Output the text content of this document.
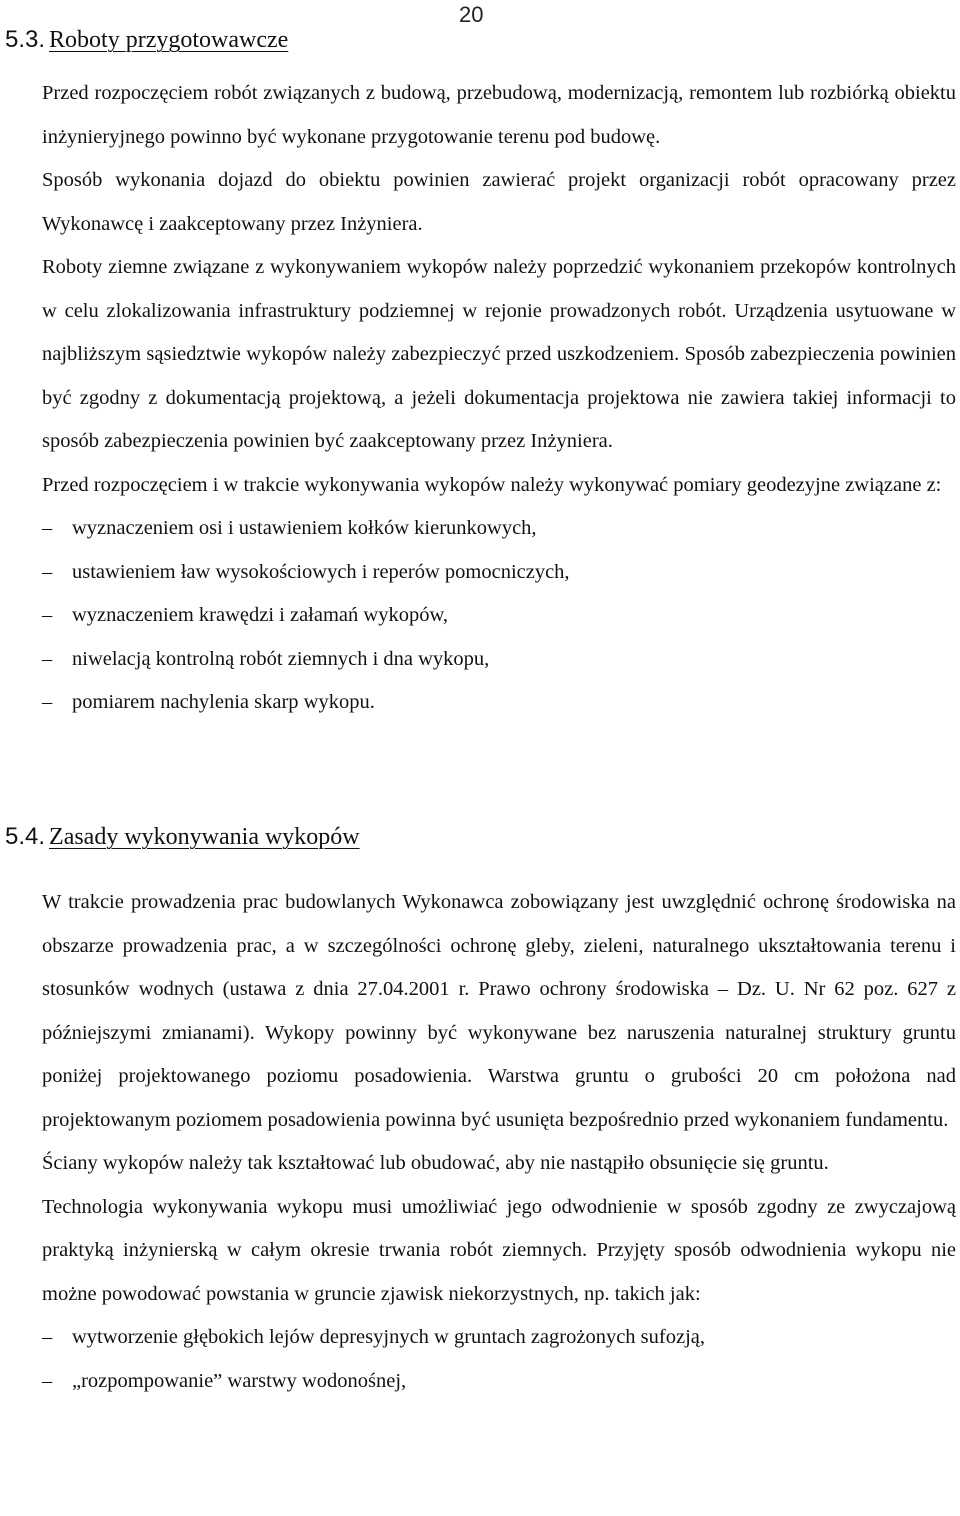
20
5.3. Roboty przygotowawcze

Przed rozpoczęciem robót związanych z budową, przebudową, modernizacją, remontem lub rozbiórką obiektu inżynieryjnego powinno być wykonane przygotowanie terenu pod budowę.

Sposób wykonania dojazd do obiektu powinien zawierać projekt organizacji robót opracowany przez Wykonawcę i zaakceptowany przez Inżyniera.

Roboty ziemne związane z wykonywaniem wykopów należy poprzedzić wykonaniem przekopów kontrolnych w celu zlokalizowania infrastruktury podziemnej w rejonie prowadzonych robót. Urządzenia usytuowane w najbliższym sąsiedztwie wykopów należy zabezpieczyć przed uszkodzeniem. Sposób zabezpieczenia powinien być zgodny z dokumentacją projektową, a jeżeli dokumentacja projektowa nie zawiera takiej informacji to sposób zabezpieczenia powinien być zaakceptowany przez Inżyniera.

Przed rozpoczęciem i w trakcie wykonywania wykopów należy wykonywać pomiary geodezyjne związane z:

– wyznaczeniem osi i ustawieniem kołków kierunkowych,
– ustawieniem ław wysokościowych i reperów pomocniczych,
– wyznaczeniem krawędzi i załamań wykopów,
– niwelacją kontrolną robót ziemnych i dna wykopu,
– pomiarem nachylenia skarp wykopu.
5.4. Zasady wykonywania wykopów

W trakcie prowadzenia prac budowlanych Wykonawca zobowiązany jest uwzględnić ochronę środowiska na obszarze prowadzenia prac, a w szczególności ochronę gleby, zieleni, naturalnego ukształtowania terenu i stosunków wodnych (ustawa z dnia 27.04.2001 r. Prawo ochrony środowiska – Dz. U. Nr 62 poz. 627 z późniejszymi zmianami). Wykopy powinny być wykonywane bez naruszenia naturalnej struktury gruntu poniżej projektowanego poziomu posadowienia. Warstwa gruntu o grubości 20 cm położona nad projektowanym poziomem posadowienia powinna być usunięta bezpośrednio przed wykonaniem fundamentu.

Ściany wykopów należy tak kształtować lub obudować, aby nie nastąpiło obsunięcie się gruntu.

Technologia wykonywania wykopu musi umożliwiać jego odwodnienie w sposób zgodny ze zwyczajową praktyką inżynierską w całym okresie trwania robót ziemnych. Przyjęty sposób odwodnienia wykopu nie możne powodować powstania w gruncie zjawisk niekorzystnych, np. takich jak:

– wytworzenie głębokich lejów depresyjnych w gruntach zagrożonych sufozją,
– „rozpompowanie” warstwy wodonośnej,
